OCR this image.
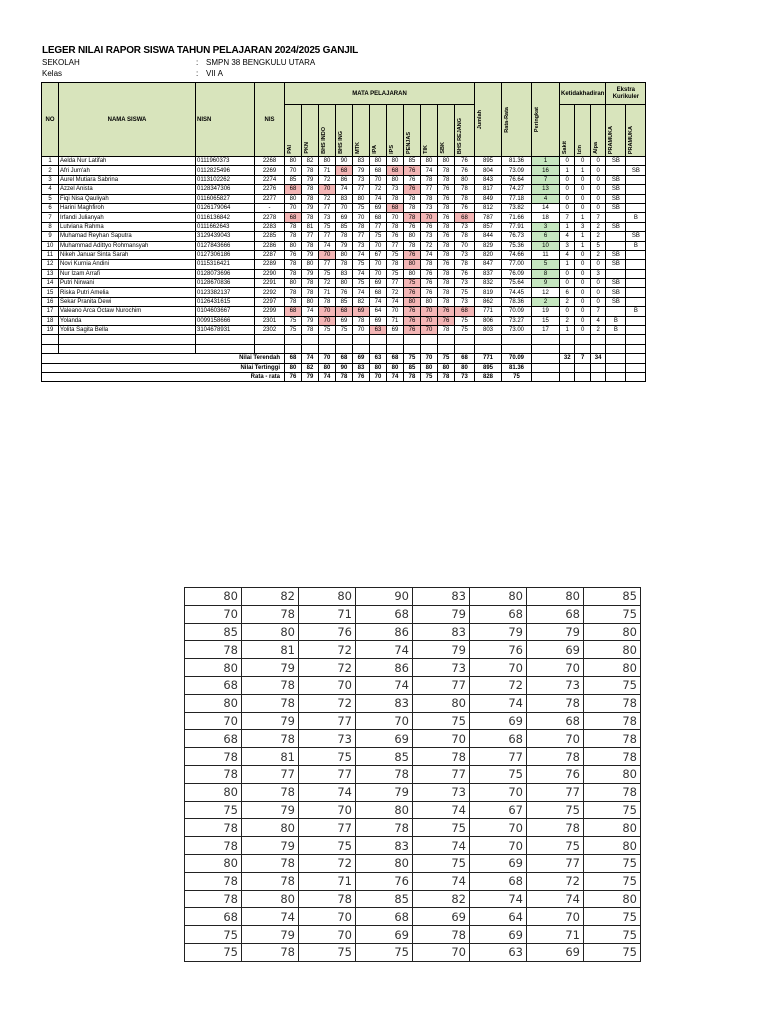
LEGER NILAI RAPOR SISWA TAHUN PELAJARAN 2024/2025 GANJIL
SEKOLAH	: SMPN 38 BENGKULU UTARA
Kelas	: VII A
NO	NAMA SISWA	NISN	NIS	MATA PELAJARAN											Jumlah	Rata-Rata	Peringkat	Ketidakhadiran			Ekstra Kurikuler	

				PAI	PKN	BHS INDO	BHS ING	MTK	IPA	IPS	PENJAS	TIK	SBK	BHS REJANG				Sakit	Izin	Alpa	PRAMUKA	PRAMUKA

1	Aelda Nur Latifah	0111960373	2268	80	82	80	90	83	80	80	85	80	80	76	895	81.36	1	0	0	0	SB	
2	Afri Jum'ah	0112825496	2269	70	78	71	68	79	68	68	76	74	78	76	804	73.09	16	1	1	0		SB
3	Aurel Mutiara Sabrina	0113102262	2274	85	79	72	86	73	70	80	76	78	78	80	843	76.64	7	0	0	0	SB	
4	Azzel Anista	0128347306	2276	68	78	70	74	77	72	73	76	77	76	78	817	74.27	13	0	0	0	SB	
5	Fiqi Nisa Qauliyah	0116065827	2277	80	78	72	83	80	74	78	78	78	76	78	849	77.18	4	0	0	0	SB	
6	Harini Maghfiroh	0126179064	-	70	79	77	70	75	69	68	78	73	78	76	812	73.82	14	0	0	0	SB	
7	Irfandi Julianyah	0116136842	2278	68	78	73	69	70	68	70	78	70	76	68	787	71.66	18	7	1	7		B
8	Lutviana Rahma	0111662643	2283	78	81	75	85	78	77	78	76	76	78	73	857	77.91	3	1	3	2	SB	
9	Muhamad Reyhan Saputra	3129439043	2285	78	77	77	78	77	75	76	80	73	76	78	844	76.73	6	4	1	2		SB
10	Muhammad Adittyo Rohmansyah	0127843666	2286	80	78	74	79	73	70	77	78	72	78	70	829	75.36	10	3	1	5		B
11	Nikeh Januar Sinta Sarah	0127306186	2287	76	79	70	80	74	67	75	76	74	78	73	820	74.66	11	4	0	2	SB	
12	Novi Kurnia Andini	0115316421	2289	78	80	77	78	75	70	78	80	78	76	78	847	77.00	5	1	0	0	SB	
13	Nur Izam Arrafi	0128073696	2290	78	79	75	83	74	70	75	80	76	78	76	837	76.09	8	0	0	3		
14	Putri Nirwani	0128670836	2291	80	78	72	80	75	69	77	75	76	78	73	832	75.64	9	0	0	0	SB	
15	Riska Putri Amelia	0123382137	2292	78	78	71	76	74	68	72	76	76	78	75	819	74.45	12	6	0	0	SB	
16	Sekar Pranita Dewi	0126431615	2297	78	80	78	85	82	74	74	80	80	78	73	862	78.36	2	2	0	0	SB	
17	Valeano Arca Octaw Nurochim	0104603667	2299	68	74	70	68	69	64	70	76	70	76	68	771	70.09	19	0	0	7		B
18	Yolanda	0099158666	2301	75	79	70	69	78	69	71	76	70	76	75	806	73.27	15	2	0	4	B	
19	Yolita Sagita Bella	3104678931	2302	75	78	75	75	70	63	69	76	70	78	75	803	73.00	17	1	0	2	B	

Nilai Terendah				68	74	70	68	69	63	68	75	70	75	68	771	70.09		32	7	34		
Nilai Tertinggi				80	82	80	90	83	80	80	85	80	80	80	895	81.36						
Rata - rata				76	79	74	78	76	70	74	78	75	78	73	828	75						
80	82	80	90	83	80	80	85
70	78	71	68	79	68	68	75
85	80	76	86	83	79	79	80
78	81	72	74	79	76	69	80
80	79	72	86	73	70	70	80
68	78	70	74	77	72	73	75
80	78	72	83	80	74	78	78
70	79	77	70	75	69	68	78
68	78	73	69	70	68	70	78
78	81	75	85	78	77	78	78
78	77	77	78	77	75	76	80
80	78	74	79	73	70	77	78
75	79	70	80	74	67	75	75
78	80	77	78	75	70	78	80
78	79	75	83	74	70	75	80
80	78	72	80	75	69	77	75
78	78	71	76	74	68	72	75
78	80	78	85	82	74	74	80
68	74	70	68	69	64	70	75
75	79	70	69	78	69	71	75
75	78	75	75	70	63	69	75
